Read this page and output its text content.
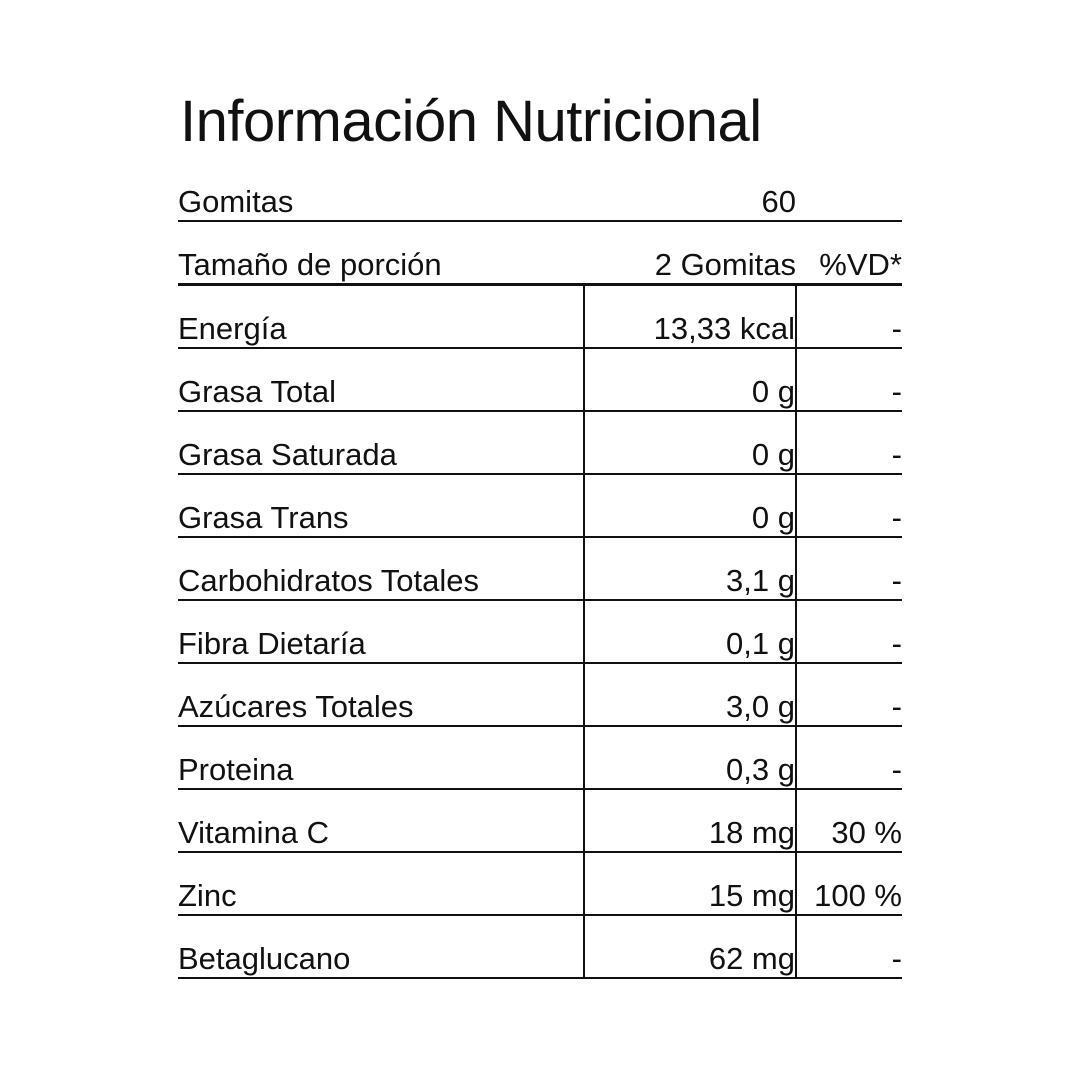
Información Nutricional
Gomitas	60	
Tamaño de porción	2 Gomitas	%VD*
Energía	13,33 kcal	-
Grasa Total	0 g	-
Grasa Saturada	0 g	-
Grasa Trans	0 g	-
Carbohidratos Totales	3,1 g	-
Fibra Dietaría	0,1 g	-
Azúcares Totales	3,0 g	-
Proteina	0,3 g	-
Vitamina C	18 mg	30 %
Zinc	15 mg	100 %
Betaglucano	62 mg	-
